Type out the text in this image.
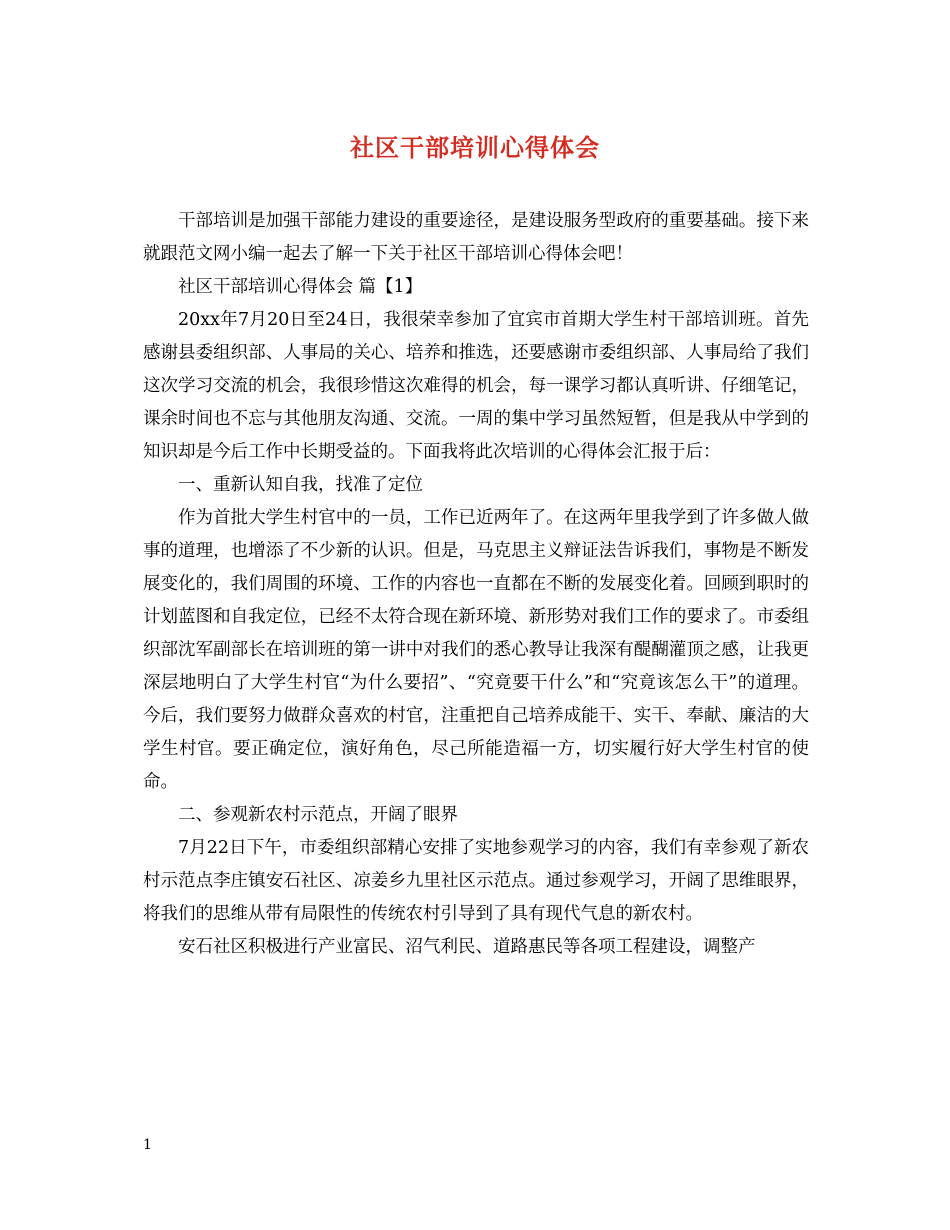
社区干部培训心得体会

干部培训是加强干部能力建设的重要途径，是建设服务型政府的重要基础。接下来就跟范文网小编一起去了解一下关于社区干部培训心得体会吧！

社区干部培训心得体会 篇【1】

20xx年7月20日至24日，我很荣幸参加了宜宾市首期大学生村干部培训班。首先感谢县委组织部、人事局的关心、培养和推选，还要感谢市委组织部、人事局给了我们这次学习交流的机会，我很珍惜这次难得的机会，每一课学习都认真听讲、仔细笔记，课余时间也不忘与其他朋友沟通、交流。一周的集中学习虽然短暂，但是我从中学到的知识却是今后工作中长期受益的。下面我将此次培训的心得体会汇报于后：

一、重新认知自我，找准了定位

作为首批大学生村官中的一员，工作已近两年了。在这两年里我学到了许多做人做事的道理，也增添了不少新的认识。但是，马克思主义辩证法告诉我们，事物是不断发展变化的，我们周围的环境、工作的内容也一直都在不断的发展变化着。回顾到职时的计划蓝图和自我定位，已经不太符合现在新环境、新形势对我们工作的要求了。市委组织部沈军副部长在培训班的第一讲中对我们的悉心教导让我深有醍醐灌顶之感，让我更深层地明白了大学生村官“为什么要招”、“究竟要干什么”和“究竟该怎么干”的道理。今后，我们要努力做群众喜欢的村官，注重把自己培养成能干、实干、奉献、廉洁的大学生村官。要正确定位，演好角色，尽己所能造福一方，切实履行好大学生村官的使命。

二、参观新农村示范点，开阔了眼界

7月22日下午，市委组织部精心安排了实地参观学习的内容，我们有幸参观了新农村示范点李庄镇安石社区、凉姜乡九里社区示范点。通过参观学习，开阔了思维眼界，将我们的思维从带有局限性的传统农村引导到了具有现代气息的新农村。

安石社区积极进行产业富民、沼气利民、道路惠民等各项工程建设，调整产

1
